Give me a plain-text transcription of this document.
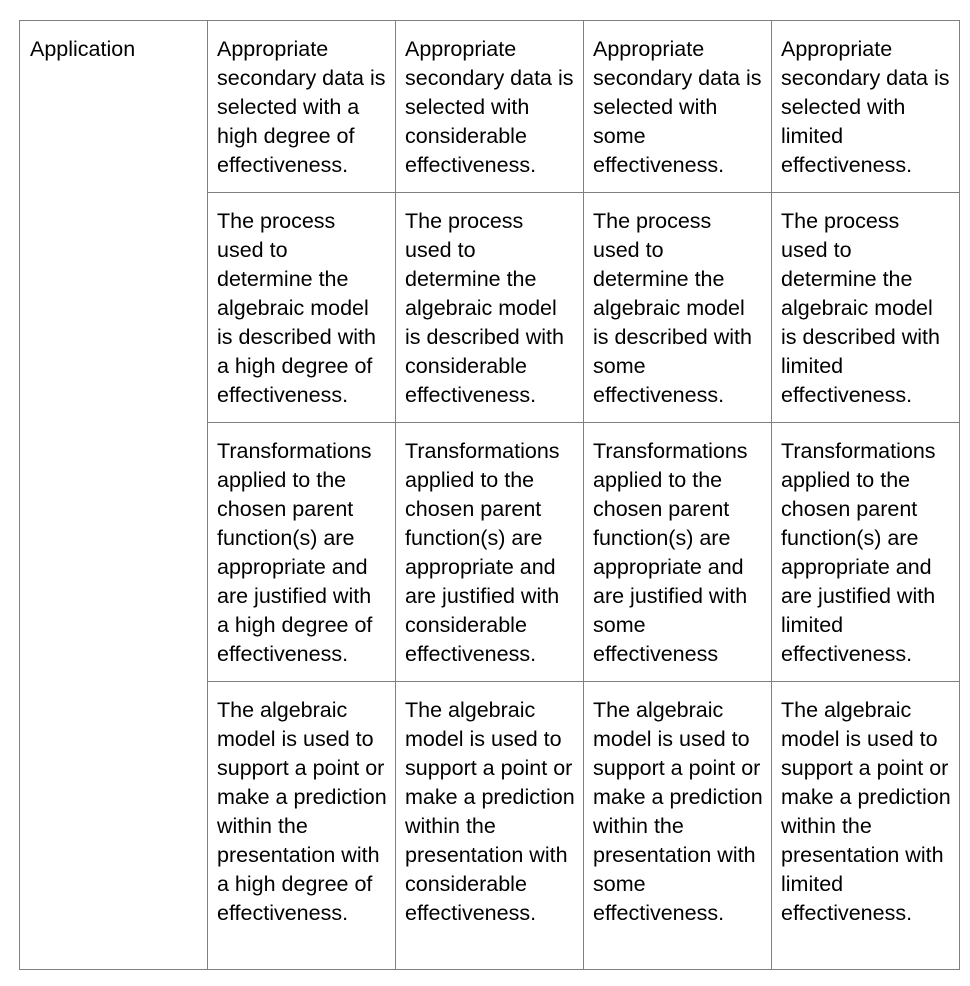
Application	Appropriate secondary data is selected with a high degree of effectiveness.	Appropriate secondary data is selected with considerable effectiveness.	Appropriate secondary data is selected with some effectiveness.	Appropriate secondary data is selected with limited effectiveness.
	The process used to determine the algebraic model is described with a high degree of effectiveness.	The process used to determine the algebraic model is described with considerable effectiveness.	The process used to determine the algebraic model is described with some effectiveness.	The process used to determine the algebraic model is described with limited effectiveness.
	Transformations applied to the chosen parent function(s) are appropriate and are justified with a high degree of effectiveness.	Transformations applied to the chosen parent function(s) are appropriate and are justified with considerable effectiveness.	Transformations applied to the chosen parent function(s) are appropriate and are justified with some effectiveness	Transformations applied to the chosen parent function(s) are appropriate and are justified with limited effectiveness.
	The algebraic model is used to support a point or make a prediction within the presentation with a high degree of effectiveness.	The algebraic model is used to support a point or make a prediction within the presentation with considerable effectiveness.	The algebraic model is used to support a point or make a prediction within the presentation with some effectiveness.	The algebraic model is used to support a point or make a prediction within the presentation with limited effectiveness.
